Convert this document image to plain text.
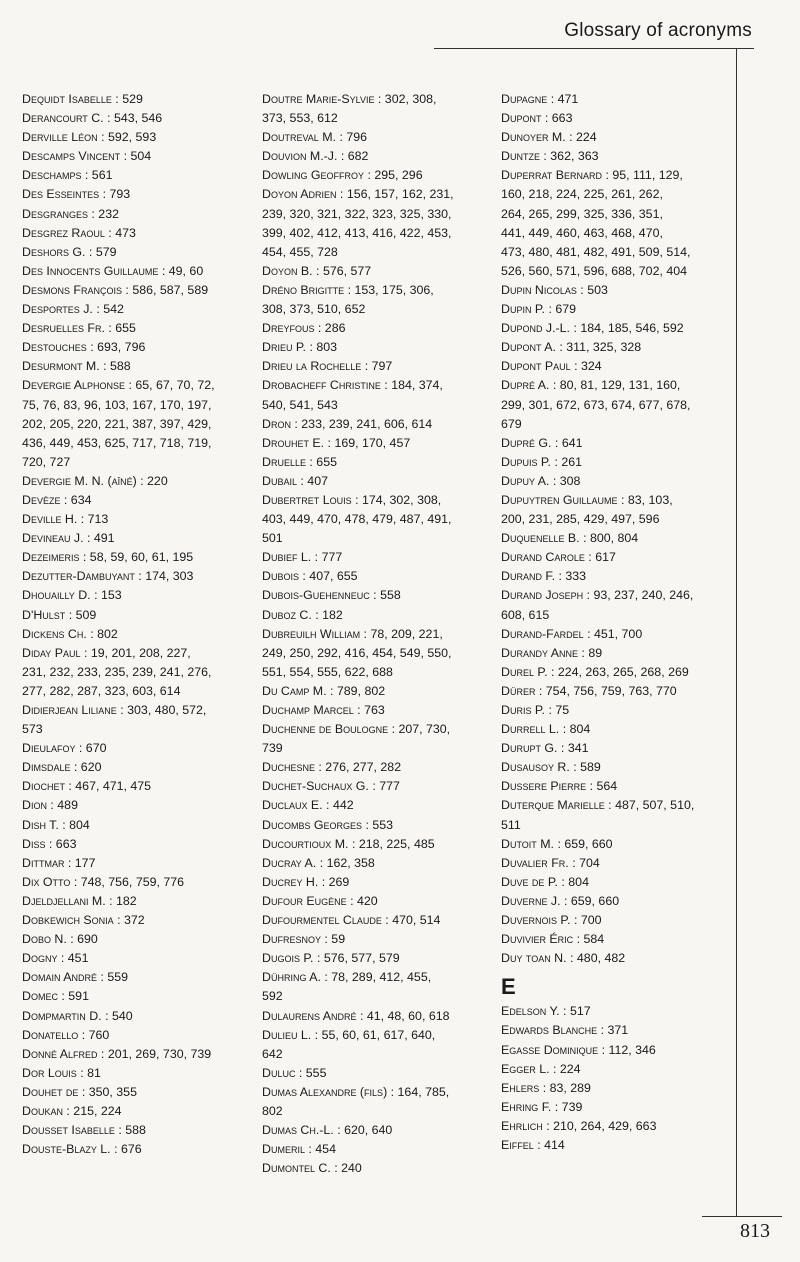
Glossary of acronyms
Dequidt Isabelle : 529
Derancourt C. : 543, 546
Derville Léon : 592, 593
Descamps Vincent : 504
Deschamps : 561
Des Esseintes : 793
Desgranges : 232
Desgrez Raoul : 473
Deshors G. : 579
Des Innocents Guillaume : 49, 60
Desmons François : 586, 587, 589
Desportes J. : 542
Desruelles Fr. : 655
Destouches : 693, 796
Desurmont M. : 588
Devergie Alphonse : 65, 67, 70, 72,
75, 76, 83, 96, 103, 167, 170, 197,
202, 205, 220, 221, 387, 397, 429,
436, 449, 453, 625, 717, 718, 719,
720, 727
Devergie M. N. (aîné) : 220
Devèze : 634
Deville H. : 713
Devineau J. : 491
Dezeimeris : 58, 59, 60, 61, 195
Dezutter-Dambuyant : 174, 303
Dhouailly D. : 153
D'Hulst : 509
Dickens Ch. : 802
Diday Paul : 19, 201, 208, 227,
231, 232, 233, 235, 239, 241, 276,
277, 282, 287, 323, 603, 614
Didierjean Liliane : 303, 480, 572,
573
Dieulafoy : 670
Dimsdale : 620
Diochet : 467, 471, 475
Dion : 489
Dish T. : 804
Diss : 663
Dittmar : 177
Dix Otto : 748, 756, 759, 776
Djeldjellani M. : 182
Dobkewich Sonia : 372
Dobo N. : 690
Dogny : 451
Domain André : 559
Domec : 591
Dompmartin D. : 540
Donatello : 760
Donné Alfred : 201, 269, 730, 739
Dor Louis : 81
Douhet de : 350, 355
Doukan : 215, 224
Dousset Isabelle : 588
Douste-Blazy L. : 676
Doutre Marie-Sylvie : 302, 308,
373, 553, 612
Doutreval M. : 796
Douvion M.-J. : 682
Dowling Geoffroy : 295, 296
Doyon Adrien : 156, 157, 162, 231,
239, 320, 321, 322, 323, 325, 330,
399, 402, 412, 413, 416, 422, 453,
454, 455, 728
Doyon B. : 576, 577
Dréno Brigitte : 153, 175, 306,
308, 373, 510, 652
Dreyfous : 286
Drieu P. : 803
Drieu la Rochelle : 797
Drobacheff Christine : 184, 374,
540, 541, 543
Dron : 233, 239, 241, 606, 614
Drouhet E. : 169, 170, 457
Druelle : 655
Dubail : 407
Dubertret Louis : 174, 302, 308,
403, 449, 470, 478, 479, 487, 491,
501
Dubief L. : 777
Dubois : 407, 655
Dubois-Guehenneuc : 558
Duboz C. : 182
Dubreuilh William : 78, 209, 221,
249, 250, 292, 416, 454, 549, 550,
551, 554, 555, 622, 688
Du Camp M. : 789, 802
Duchamp Marcel : 763
Duchenne de Boulogne : 207, 730,
739
Duchesne : 276, 277, 282
Duchet-Suchaux G. : 777
Duclaux E. : 442
Ducombs Georges : 553
Ducourtioux M. : 218, 225, 485
Ducray A. : 162, 358
Ducrey H. : 269
Dufour Eugène : 420
Dufourmentel Claude : 470, 514
Dufresnoy : 59
Dugois P. : 576, 577, 579
Dühring A. : 78, 289, 412, 455,
592
Dulaurens André : 41, 48, 60, 618
Dulieu L. : 55, 60, 61, 617, 640,
642
Duluc : 555
Dumas Alexandre (fils) : 164, 785,
802
Dumas Ch.-L. : 620, 640
Dumeril : 454
Dumontel C. : 240
Dupagne : 471
Dupont : 663
Dunoyer M. : 224
Duntze : 362, 363
Duperrat Bernard : 95, 111, 129,
160, 218, 224, 225, 261, 262,
264, 265, 299, 325, 336, 351,
441, 449, 460, 463, 468, 470,
473, 480, 481, 482, 491, 509, 514,
526, 560, 571, 596, 688, 702, 404
Dupin Nicolas : 503
Dupin P. : 679
Dupond J.-L. : 184, 185, 546, 592
Dupont A. : 311, 325, 328
Dupont Paul : 324
Dupré A. : 80, 81, 129, 131, 160,
299, 301, 672, 673, 674, 677, 678,
679
Dupré G. : 641
Dupuis P. : 261
Dupuy A. : 308
Dupuytren Guillaume : 83, 103,
200, 231, 285, 429, 497, 596
Duquenelle B. : 800, 804
Durand Carole : 617
Durand F. : 333
Durand Joseph : 93, 237, 240, 246,
608, 615
Durand-Fardel : 451, 700
Durandy Anne : 89
Durel P. : 224, 263, 265, 268, 269
Dürer : 754, 756, 759, 763, 770
Duris P. : 75
Durrell L. : 804
Durupt G. : 341
Dusausoy R. : 589
Dussere Pierre : 564
Duterque Marielle : 487, 507, 510,
511
Dutoit M. : 659, 660
Duvalier Fr. : 704
Duve de P. : 804
Duverne J. : 659, 660
Duvernois P. : 700
Duvivier Éric : 584
Duy toan N. : 480, 482
E
Edelson Y. : 517
Edwards Blanche : 371
Egasse Dominique : 112, 346
Egger L. : 224
Ehlers : 83, 289
Ehring F. : 739
Ehrlich : 210, 264, 429, 663
Eiffel : 414
813
